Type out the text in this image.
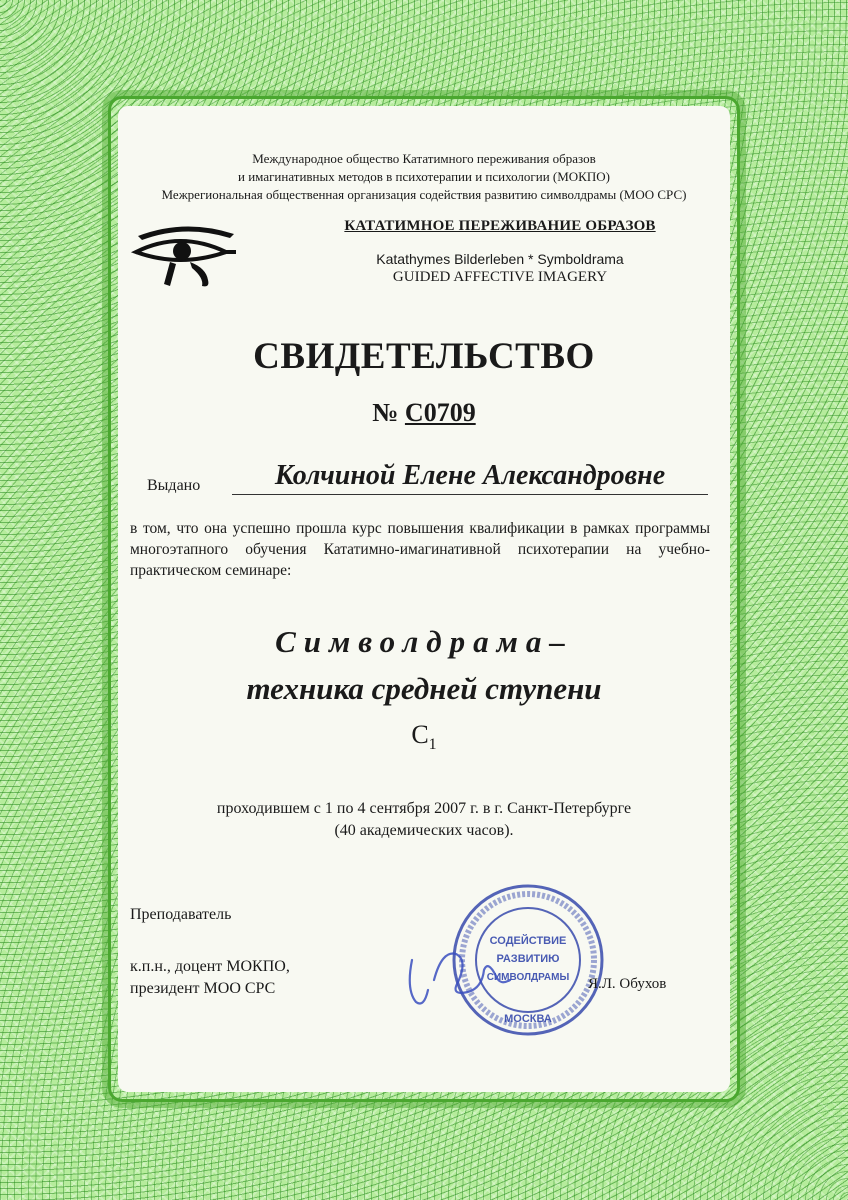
Международное общество Кататимного переживания образов
и имагинативных методов в психотерапии и психологии (МОКПО)
Межрегиональная общественная организация содействия развитию символдрамы (МОО СРС)
КАТАТИМНОЕ ПЕРЕЖИВАНИЕ ОБРАЗОВ
Katathymes Bilderleben * Symboldrama
GUIDED AFFECTIVE IMAGERY
СВИДЕТЕЛЬСТВО
№ С0709
Выдано	Колчиной Елене Александровне
в том, что она успешно прошла курс повышения квалификации в рамках программы многоэтапного обучения Кататимно-имагинативной психотерапии на учебно-практическом семинаре:
Символдрама–
техника средней ступени
$С_1$
проходившем с 1 по 4 сентября 2007 г. в г. Санкт-Петербурге
(40 академических часов).
Преподаватель
к.п.н., доцент МОКПО,
президент МОО СРС
СОДЕЙСТВИЕ
РАЗВИТИЮ
СИМВОЛДРАМЫ
МОСКВА
Я.Л. Обухов
